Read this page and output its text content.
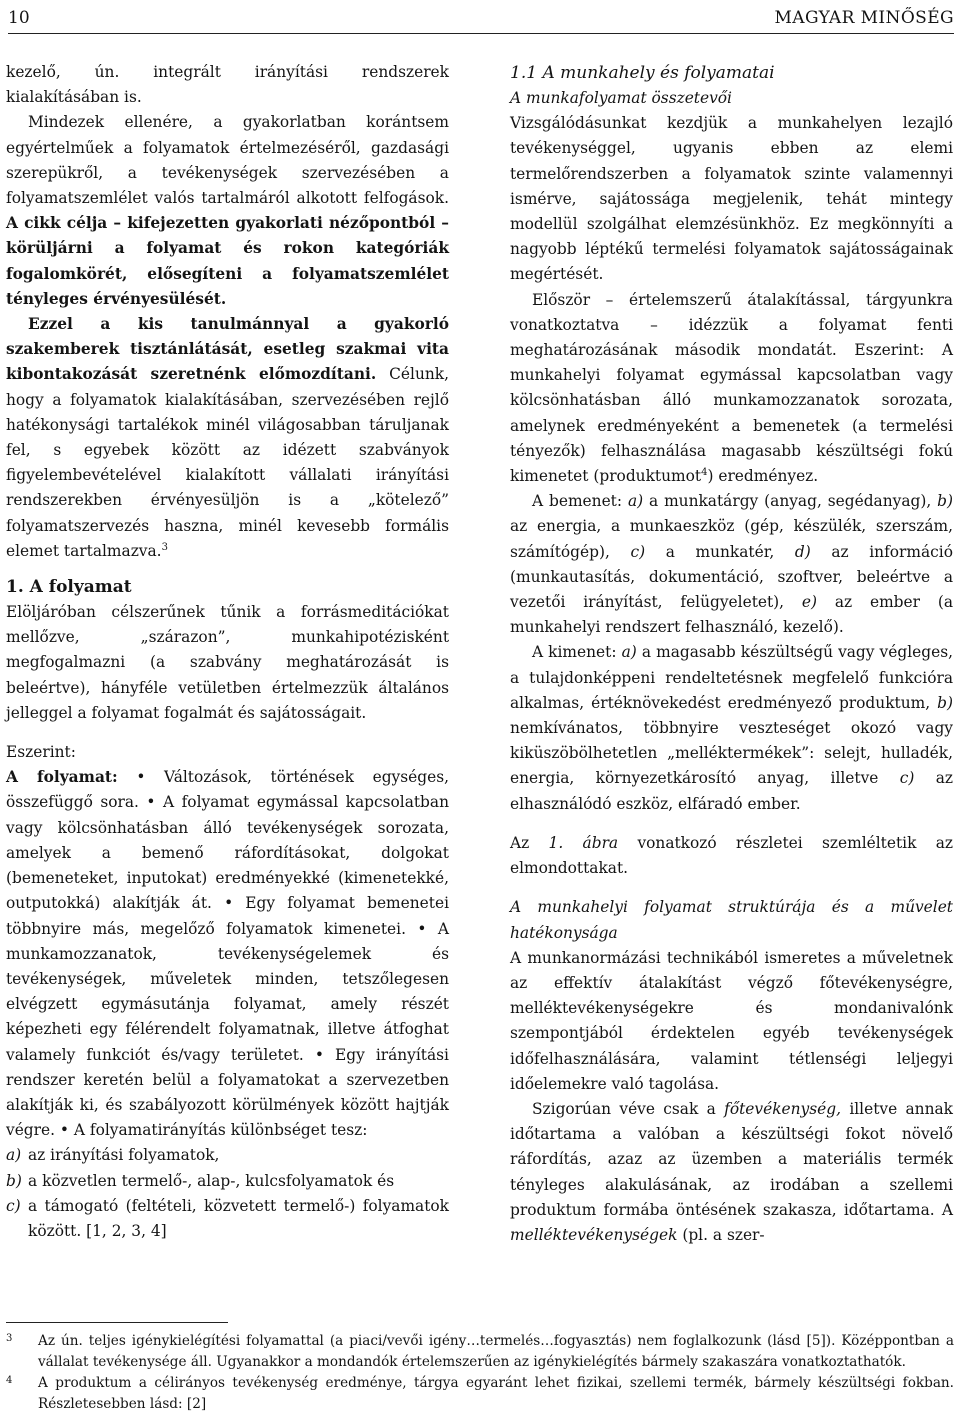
10	MAGYAR MINŐSÉG

kezelő, ún. integrált irányítási rendszerek kialakításában is.

Mindezek ellenére, a gyakorlatban korántsem egyértelműek a folyamatok értelmezéséről, gazdasági szerepükről, a tevékenységek szervezésében a folyamatszemlélet valós tartalmáról alkotott felfogások. A cikk célja – kifejezetten gyakorlati nézőpontból – körüljárni a folyamat és rokon kategóriák fogalomkörét, elősegíteni a folyamatszemlélet tényleges érvényesülését.

Ezzel a kis tanulmánnyal a gyakorló szakemberek tisztánlátását, esetleg szakmai vita kibontakozását szeretnénk előmozdítani. Célunk, hogy a folyamatok kialakításában, szervezésében rejlő hatékonysági tartalékok minél világosabban táruljanak fel, s egyebek között az idézett szabványok figyelembevételével kialakított vállalati irányítási rendszerekben érvényesüljön is a „kötelező” folyamatszervezés haszna, minél kevesebb formális elemet tartalmazva.$^3$

1. A folyamat

Elöljáróban célszerűnek tűnik a forrásmeditációkat mellőzve, „szárazon”, munkahipotézisként megfogalmazni (a szabvány meghatározását is beleértve), hányféle vetületben értelmezzük általános jelleggel a folyamat fogalmát és sajátosságait.

Eszerint:

A folyamat: • Változások, történések egységes, összefüggő sora. • A folyamat egymással kapcsolatban vagy kölcsönhatásban álló tevékenységek sorozata, amelyek a bemenő ráfordításokat, dolgokat (bemeneteket, inputokat) eredményekké (kimenetekké, outputokká) alakítják át. • Egy folyamat bemenetei többnyire más, megelőző folyamatok kimenetei. • A munkamozzanatok, tevékenységelemek és tevékenységek, műveletek minden, tetszőlegesen elvégzett egymásutánja folyamat, amely részét képezheti egy félérendelt folyamatnak, illetve átfoghat valamely funkciót és/vagy területet. • Egy irányítási rendszer keretén belül a folyamatokat a szervezetben alakítják ki, és szabályozott körülmények között hajtják végre. • A folyamatirányítás különbséget tesz:

a) az irányítási folyamatok,
b) a közvetlen termelő-, alap-, kulcsfolyamatok és
c) a támogató (feltételi, közvetett termelő-) folyamatok között. [1, 2, 3, 4]
1.1 A munkahely és folyamatai
A munkafolyamat összetevői

Vizsgálódásunkat kezdjük a munkahelyen lezajló tevékenységgel, ugyanis ebben az elemi termelőrendszerben a folyamatok szinte valamennyi ismérve, sajátossága megjelenik, tehát mintegy modellül szolgálhat elemzésünkhöz. Ez megkönnyíti a nagyobb léptékű termelési folyamatok sajátosságainak megértését.

Először – értelemszerű átalakítással, tárgyunkra vonatkoztatva – idézzük a folyamat fenti meghatározásának második mondatát. Eszerint: A munkahelyi folyamat egymással kapcsolatban vagy kölcsönhatásban álló munkamozzanatok sorozata, amelynek eredményeként a bemenetek (a termelési tényezők) felhasználása magasabb készültségi fokú kimenetet (produktumot$^4$) eredményez.

A bemenet: a) a munkatárgy (anyag, segédanyag), b) az energia, a munkaeszköz (gép, készülék, szerszám, számítógép), c) a munkatér, d) az információ (munkautasítás, dokumentáció, szoftver, beleértve a vezetői irányítást, felügyeletet), e) az ember (a munkahelyi rendszert felhasználó, kezelő).

A kimenet: a) a magasabb készültségű vagy végleges, a tulajdonképpeni rendeltetésnek megfelelő funkcióra alkalmas, értéknövekedést eredményező produktum, b) nemkívánatos, többnyire veszteséget okozó vagy kiküszöbölhetetlen „melléktermékek”: selejt, hulladék, energia, környezetkárosító anyag, illetve c) az elhasználódó eszköz, elfáradó ember.

Az 1. ábra vonatkozó részletei szemléltetik az elmondottakat.

A munkahelyi folyamat struktúrája és a művelet hatékonysága

A munkanormázási technikából ismeretes a műveletnek az effektív átalakítást végző főtevékenységre, melléktevékenységekre és mondanivalónk szempontjából érdektelen egyéb tevékenységek időfelhasználására, valamint tétlenségi leljegyi időelemekre való tagolása.

Szigorúan véve csak a főtevékenység, illetve annak időtartama a valóban a készültségi fokot növelő ráfordítás, azaz az üzemben a materiális termék tényleges alakulásának, az irodában a szellemi produktum formába öntésének szakasza, időtartama. A melléktevékenységek (pl. a szer-

3 Az ún. teljes igénykielégítési folyamattal (a piaci/vevői igény…termelés…fogyasztás) nem foglalkozunk (lásd [5]). Középpontban a vállalat tevékenysége áll. Ugyanakkor a mondandók értelemszerűen az igénykielégítés bármely szakaszára vonatkoztathatók.
4 A produktum a célirányos tevékenység eredménye, tárgya egyaránt lehet fizikai, szellemi termék, bármely készültségi fokban. Részletesebben lásd: [2]
